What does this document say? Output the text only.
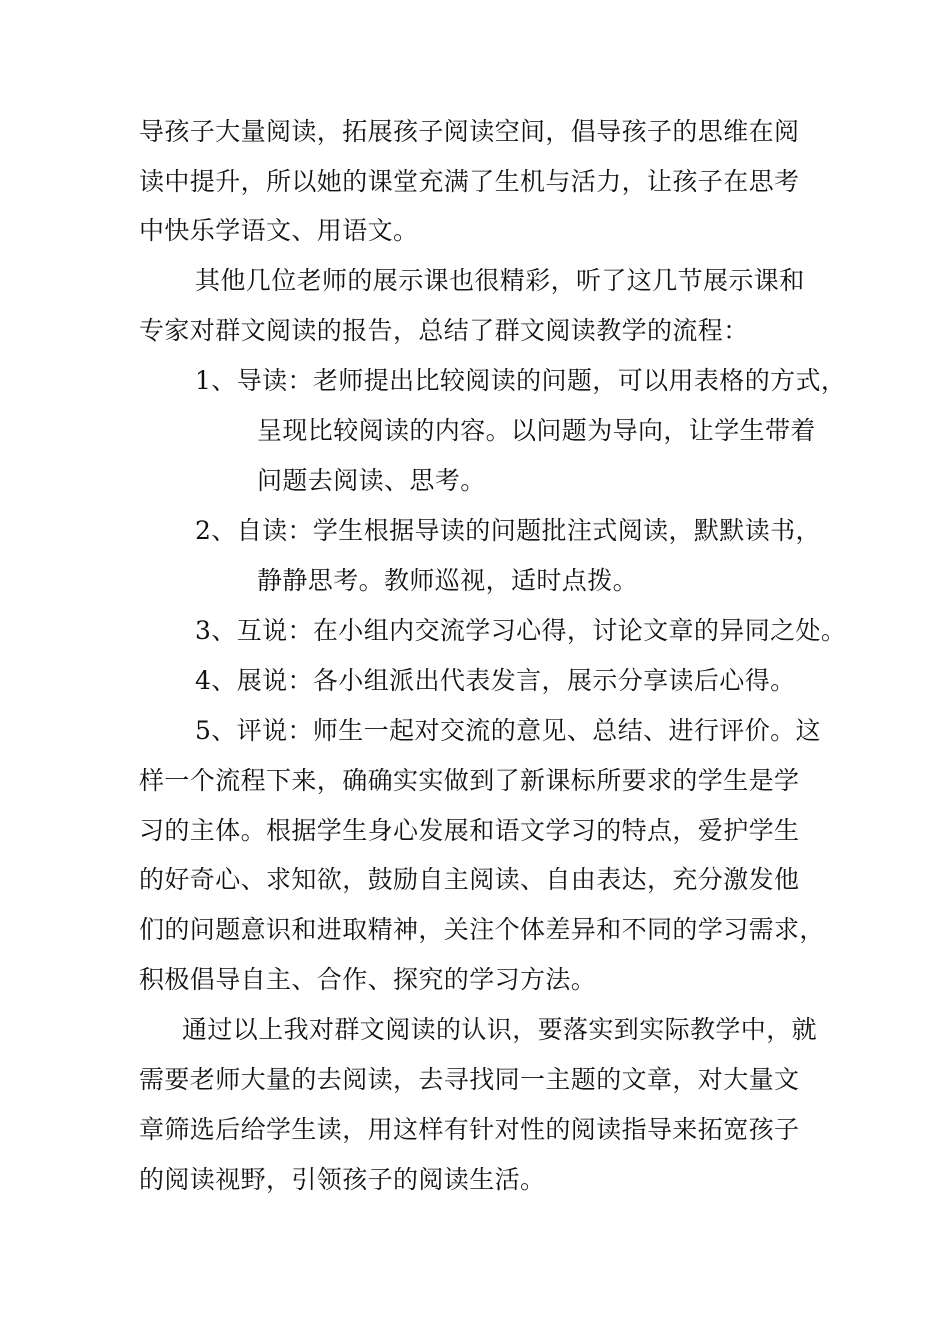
导孩子大量阅读，拓展孩子阅读空间，倡导孩子的思维在阅
读中提升，所以她的课堂充满了生机与活力，让孩子在思考
中快乐学语文、用语文。
其他几位老师的展示课也很精彩，听了这几节展示课和
专家对群文阅读的报告，总结了群文阅读教学的流程：
1、导读：老师提出比较阅读的问题，可以用表格的方式，
呈现比较阅读的内容。以问题为导向，让学生带着
问题去阅读、思考。
2、自读：学生根据导读的问题批注式阅读，默默读书，
静静思考。教师巡视，适时点拨。
3、互说：在小组内交流学习心得，讨论文章的异同之处。
4、展说：各小组派出代表发言，展示分享读后心得。
5、评说：师生一起对交流的意见、总结、进行评价。这
样一个流程下来，确确实实做到了新课标所要求的学生是学
习的主体。根据学生身心发展和语文学习的特点，爱护学生
的好奇心、求知欲，鼓励自主阅读、自由表达，充分激发他
们的问题意识和进取精神，关注个体差异和不同的学习需求，
积极倡导自主、合作、探究的学习方法。
通过以上我对群文阅读的认识，要落实到实际教学中，就
需要老师大量的去阅读，去寻找同一主题的文章，对大量文
章筛选后给学生读，用这样有针对性的阅读指导来拓宽孩子
的阅读视野，引领孩子的阅读生活。
